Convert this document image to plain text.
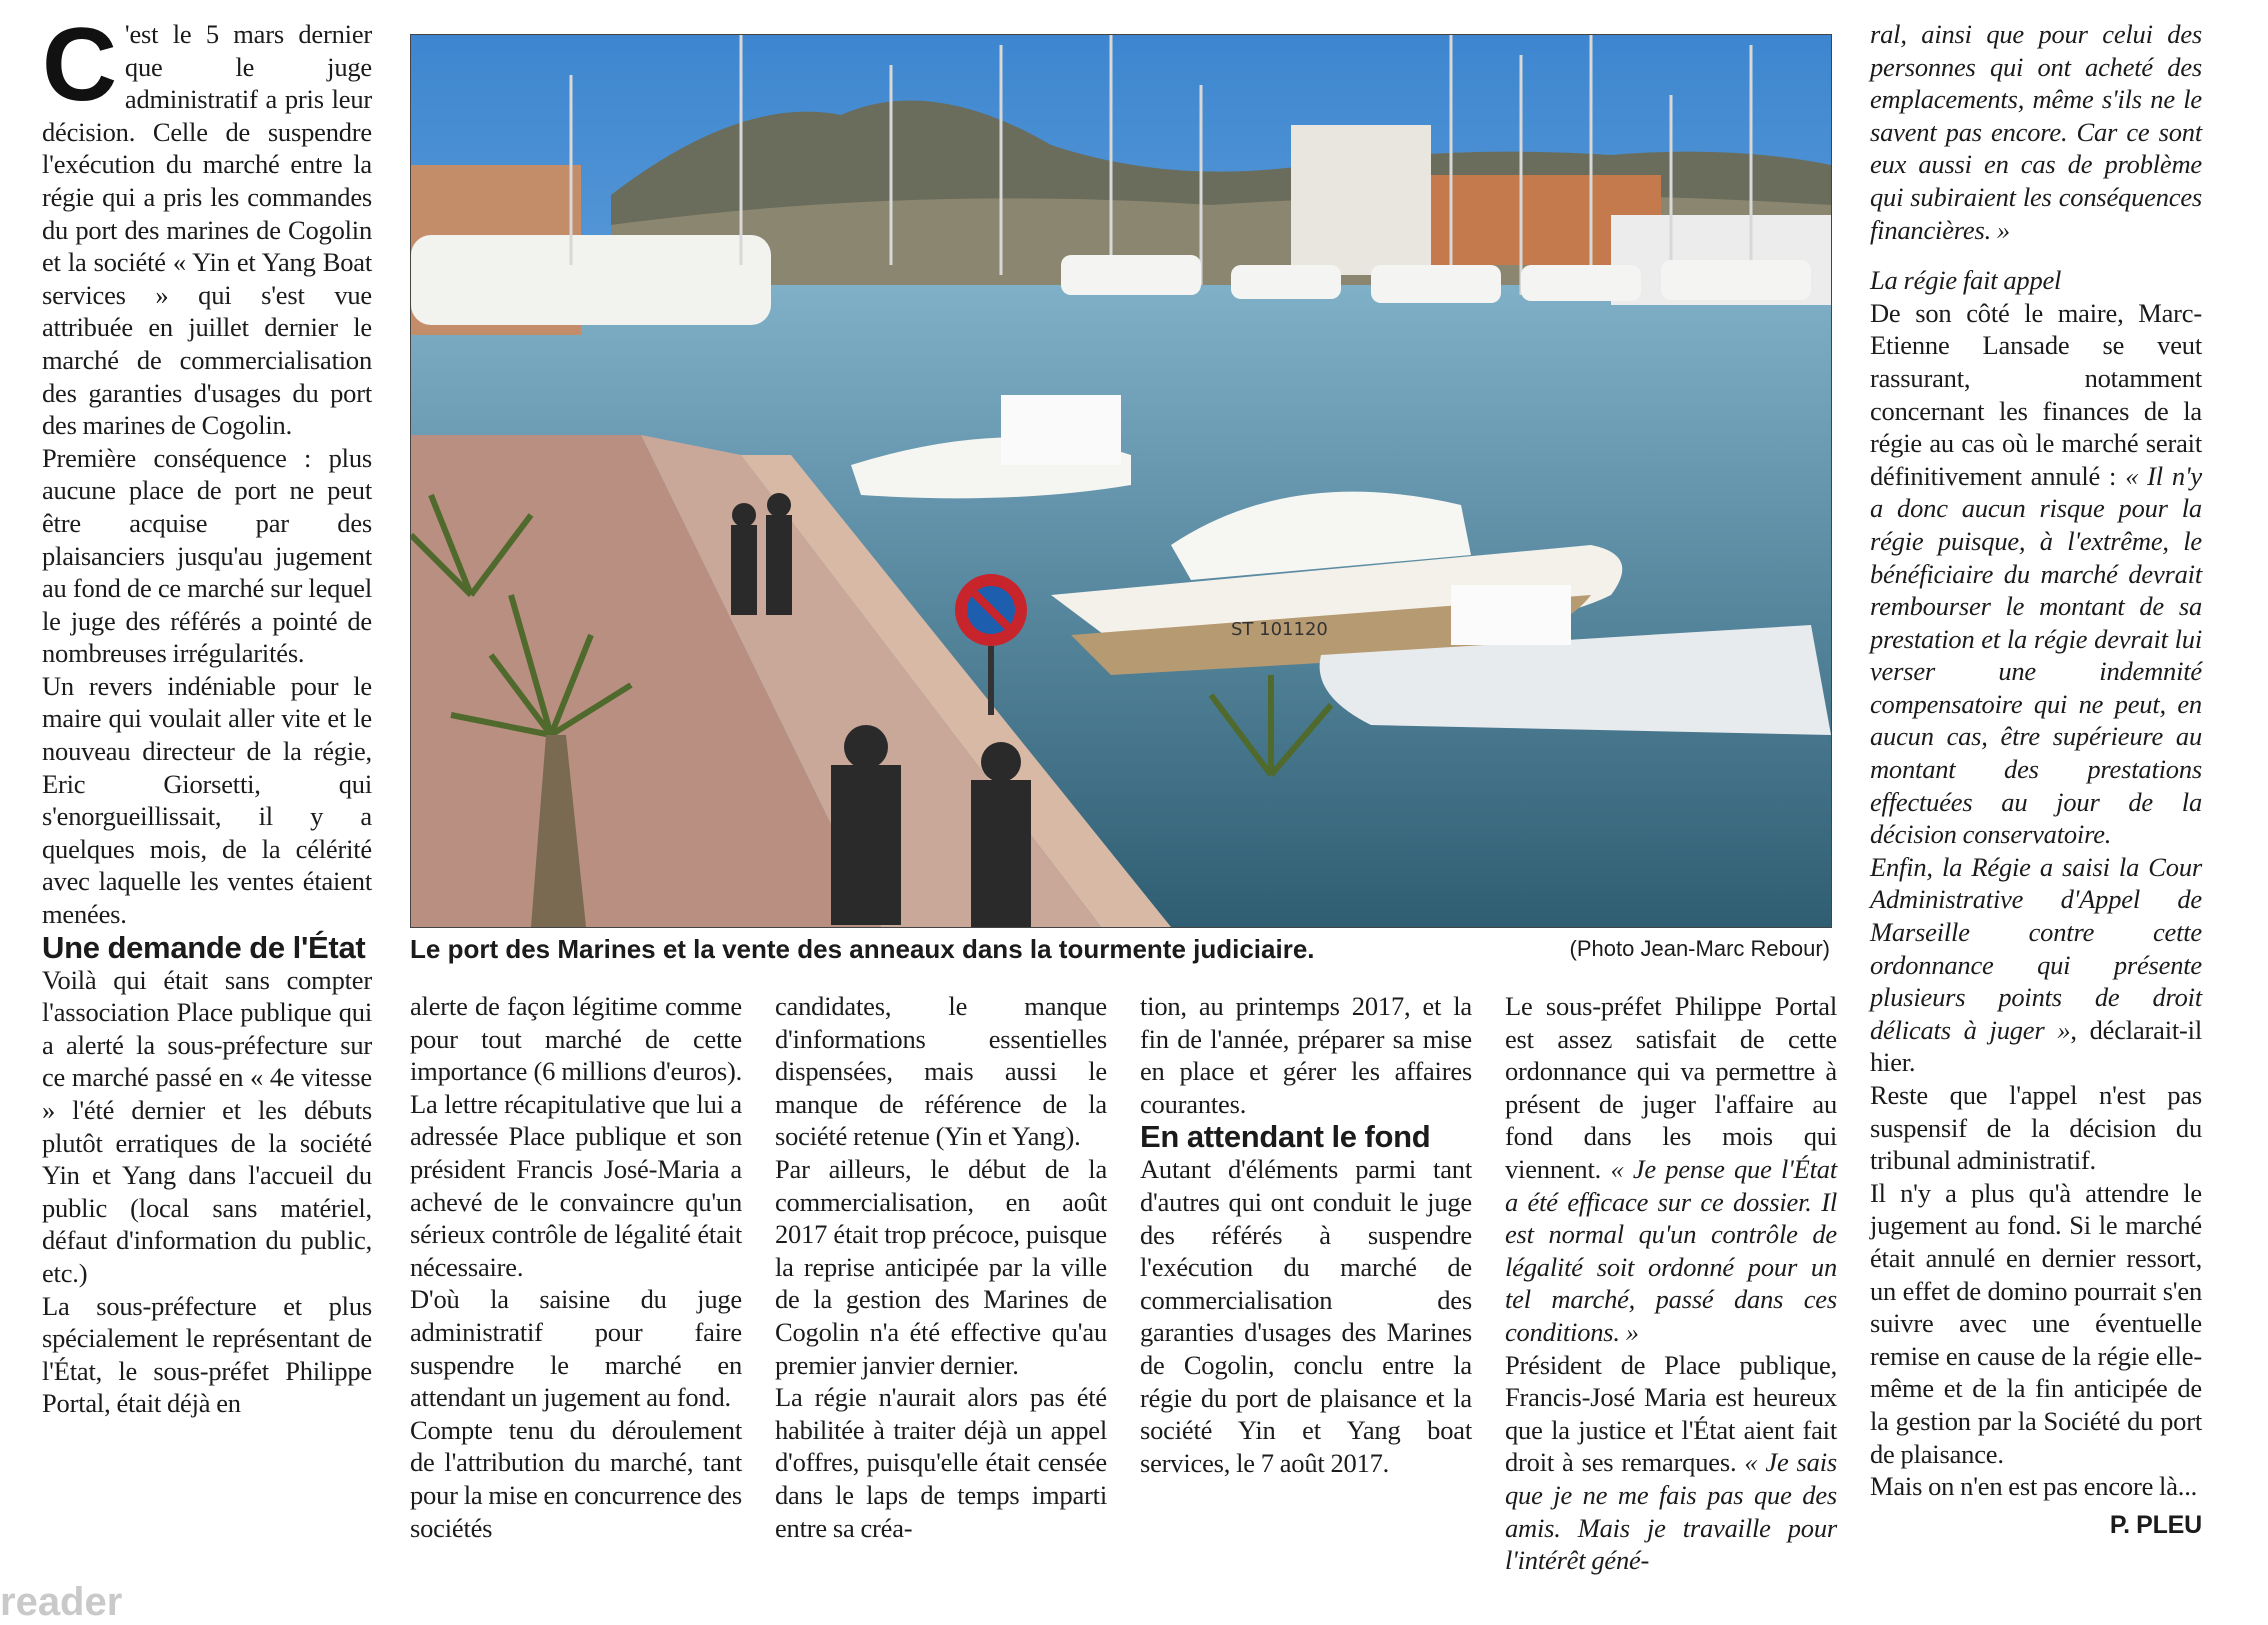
C 'est le 5 mars dernier que le juge administratif a pris leur décision. Celle de suspendre l'exécution du marché entre la régie qui a pris les commandes du port des marines de Cogolin et la société « Yin et Yang Boat services » qui s'est vue attribuée en juillet dernier le marché de commercialisation des garanties d'usages du port des marines de Cogolin.

Première conséquence : plus aucune place de port ne peut être acquise par des plaisanciers jusqu'au jugement au fond de ce marché sur lequel le juge des référés a pointé de nombreuses irrégularités.

Un revers indéniable pour le maire qui voulait aller vite et le nouveau directeur de la régie, Eric Giorsetti, qui s'enorgueillissait, il y a quelques mois, de la célérité avec laquelle les ventes étaient menées.

Une demande de l'État

Voilà qui était sans compter l'association Place publique qui a alerté la sous-préfecture sur ce marché passé en « 4e vitesse » l'été dernier et les débuts plutôt erratiques de la société Yin et Yang dans l'accueil du public (local sans matériel, défaut d'information du public, etc.)

La sous-préfecture et plus spécialement le représentant de l'État, le sous-préfet Philippe Portal, était déjà en

ST 101120
Le port des Marines et la vente des anneaux dans la tourmente judiciaire.	(Photo Jean-Marc Rebour)

alerte de façon légitime comme pour tout marché de cette importance (6 millions d'euros). La lettre récapitulative que lui a adressée Place publique et son président Francis José-Maria a achevé de le convaincre qu'un sérieux contrôle de légalité était nécessaire.

D'où la saisine du juge administratif pour faire suspendre le marché en attendant un jugement au fond.

Compte tenu du déroulement de l'attribution du marché, tant pour la mise en concurrence des sociétés

candidates, le manque d'informations essentielles dispensées, mais aussi le manque de référence de la société retenue (Yin et Yang).

Par ailleurs, le début de la commercialisation, en août 2017 était trop précoce, puisque la reprise anticipée par la ville de la gestion des Marines de Cogolin n'a été effective qu'au premier janvier dernier.

La régie n'aurait alors pas été habilitée à traiter déjà un appel d'offres, puisqu'elle était censée dans le laps de temps imparti entre sa créa-

tion, au printemps 2017, et la fin de l'année, préparer sa mise en place et gérer les affaires courantes.

En attendant le fond

Autant d'éléments parmi tant d'autres qui ont conduit le juge des référés à suspendre l'exécution du marché de commercialisation des garanties d'usages des Marines de Cogolin, conclu entre la régie du port de plaisance et la société Yin et Yang boat services, le 7 août 2017.

Le sous-préfet Philippe Portal est assez satisfait de cette ordonnance qui va permettre à présent de juger l'affaire au fond dans les mois qui viennent. « Je pense que l'État a été efficace sur ce dossier. Il est normal qu'un contrôle de légalité soit ordonné pour un tel marché, passé dans ces conditions. »

Président de Place publique, Francis-José Maria est heureux que la justice et l'État aient fait droit à ses remarques. « Je sais que je ne me fais pas que des amis. Mais je travaille pour l'intérêt géné-

ral, ainsi que pour celui des personnes qui ont acheté des emplacements, même s'ils ne le savent pas encore. Car ce sont eux aussi en cas de problème qui subiraient les conséquences financières. »

La régie fait appel

De son côté le maire, Marc-Etienne Lansade se veut rassurant, notamment concernant les finances de la régie au cas où le marché serait définitivement annulé : « Il n'y a donc aucun risque pour la régie puisque, à l'extrême, le bénéficiaire du marché devrait rembourser le montant de sa prestation et la régie devrait lui verser une indemnité compensatoire qui ne peut, en aucun cas, être supérieure au montant des prestations effectuées au jour de la décision conservatoire.

Enfin, la Régie a saisi la Cour Administrative d'Appel de Marseille contre cette ordonnance qui présente plusieurs points de droit délicats à juger », déclarait-il hier.

Reste que l'appel n'est pas suspensif de la décision du tribunal administratif.

Il n'y a plus qu'à attendre le jugement au fond. Si le marché était annulé en dernier ressort, un effet de domino pourrait s'en suivre avec une éventuelle remise en cause de la régie elle-même et de la fin anticipée de la gestion par la Société du port de plaisance.

Mais on n'en est pas encore là...

P. PLEU

reader
